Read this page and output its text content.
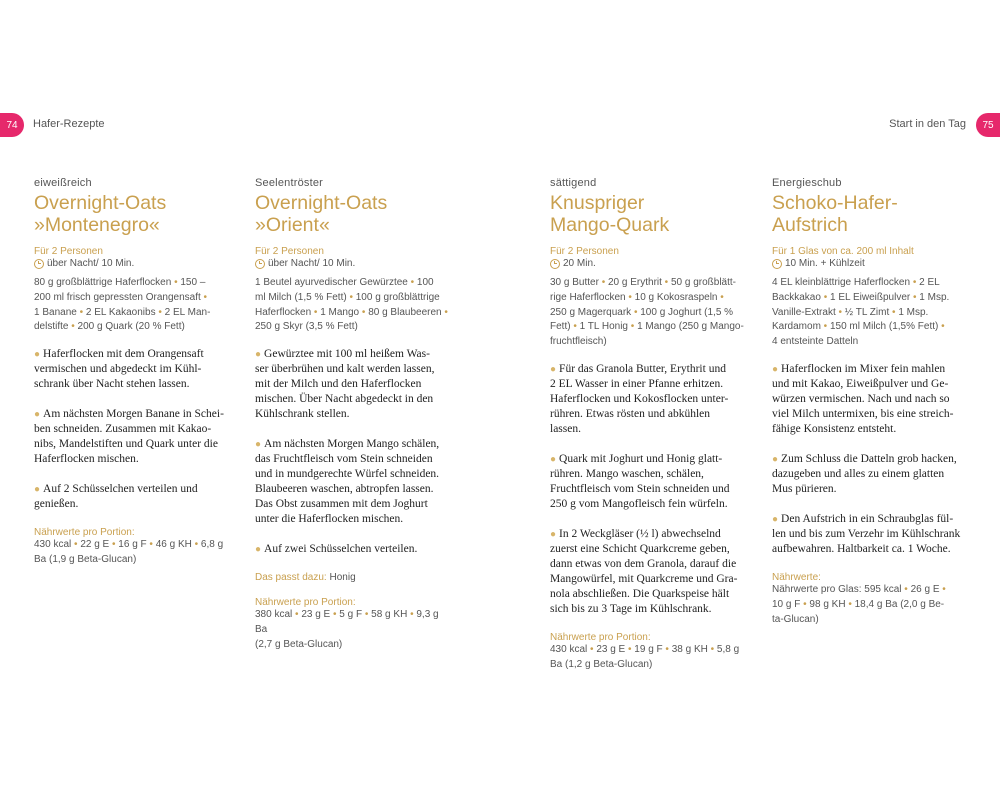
74	Hafer-Rezepte	Start in den Tag	75
eiweißreich
Overnight-Oats
»Montenegro«
Für 2 Personen
über Nacht/ 10 Min.
80 g großblättrige Haferflocken • 150 –
200 ml frisch gepressten Orangensaft •
1 Banane • 2 EL Kakaonibs • 2 EL Man-
delstifte • 200 g Quark (20 % Fett)
● Haferflocken mit dem Orangensaft
vermischen und abgedeckt im Kühl-
schrank über Nacht stehen lassen.
● Am nächsten Morgen Banane in Schei-
ben schneiden. Zusammen mit Kakao-
nibs, Mandelstiften und Quark unter die
Haferflocken mischen.
● Auf 2 Schüsselchen verteilen und
genießen.
Nährwerte pro Portion:
430 kcal • 22 g E • 16 g F • 46 g KH • 6,8 g
Ba (1,9 g Beta-Glucan)
Seelentröster
Overnight-Oats
»Orient«
Für 2 Personen
über Nacht/ 10 Min.
1 Beutel ayurvedischer Gewürztee • 100
ml Milch (1,5 % Fett) • 100 g großblättrige
Haferflocken • 1 Mango • 80 g Blaubeeren •
250 g Skyr (3,5 % Fett)
● Gewürztee mit 100 ml heißem Was-
ser überbrühen und kalt werden lassen,
mit der Milch und den Haferflocken
mischen. Über Nacht abgedeckt in den
Kühlschrank stellen.
● Am nächsten Morgen Mango schälen,
das Fruchtfleisch vom Stein schneiden
und in mundgerechte Würfel schneiden.
Blaubeeren waschen, abtropfen lassen.
Das Obst zusammen mit dem Joghurt
unter die Haferflocken mischen.
● Auf zwei Schüsselchen verteilen.
Das passt dazu: Honig
Nährwerte pro Portion:
380 kcal • 23 g E • 5 g F • 58 g KH • 9,3 g Ba
(2,7 g Beta-Glucan)
sättigend
Knuspriger
Mango-Quark
Für 2 Personen
20 Min.
30 g Butter • 20 g Erythrit • 50 g großblätt-
rige Haferflocken • 10 g Kokosraspeln •
250 g Magerquark • 100 g Joghurt (1,5 %
Fett) • 1 TL Honig • 1 Mango (250 g Mango-
fruchtfleisch)
● Für das Granola Butter, Erythrit und
2 EL Wasser in einer Pfanne erhitzen.
Haferflocken und Kokosflocken unter-
rühren. Etwas rösten und abkühlen
lassen.
● Quark mit Joghurt und Honig glatt-
rühren. Mango waschen, schälen,
Fruchtfleisch vom Stein schneiden und
250 g vom Mangofleisch fein würfeln.
● In 2 Weckgläser (½ l) abwechselnd
zuerst eine Schicht Quarkcreme geben,
dann etwas von dem Granola, darauf die
Mangowürfel, mit Quarkcreme und Gra-
nola abschließen. Die Quarkspeise hält
sich bis zu 3 Tage im Kühlschrank.
Nährwerte pro Portion:
430 kcal • 23 g E • 19 g F • 38 g KH • 5,8 g
Ba (1,2 g Beta-Glucan)
Energieschub
Schoko-Hafer-
Aufstrich
Für 1 Glas von ca. 200 ml Inhalt
10 Min. + Kühlzeit
4 EL kleinblättrige Haferflocken • 2 EL
Backkakao • 1 EL Eiweißpulver • 1 Msp.
Vanille-Extrakt • ½ TL Zimt • 1 Msp.
Kardamom • 150 ml Milch (1,5% Fett) •
4 entsteinte Datteln
● Haferflocken im Mixer fein mahlen
und mit Kakao, Eiweißpulver und Ge-
würzen vermischen. Nach und nach so
viel Milch untermixen, bis eine streich-
fähige Konsistenz entsteht.
● Zum Schluss die Datteln grob hacken,
dazugeben und alles zu einem glatten
Mus pürieren.
● Den Aufstrich in ein Schraubglas fül-
len und bis zum Verzehr im Kühlschrank
aufbewahren. Haltbarkeit ca. 1 Woche.
Nährwerte:
Nährwerte pro Glas: 595 kcal • 26 g E •
10 g F • 98 g KH • 18,4 g Ba (2,0 g Be-
ta-Glucan)
